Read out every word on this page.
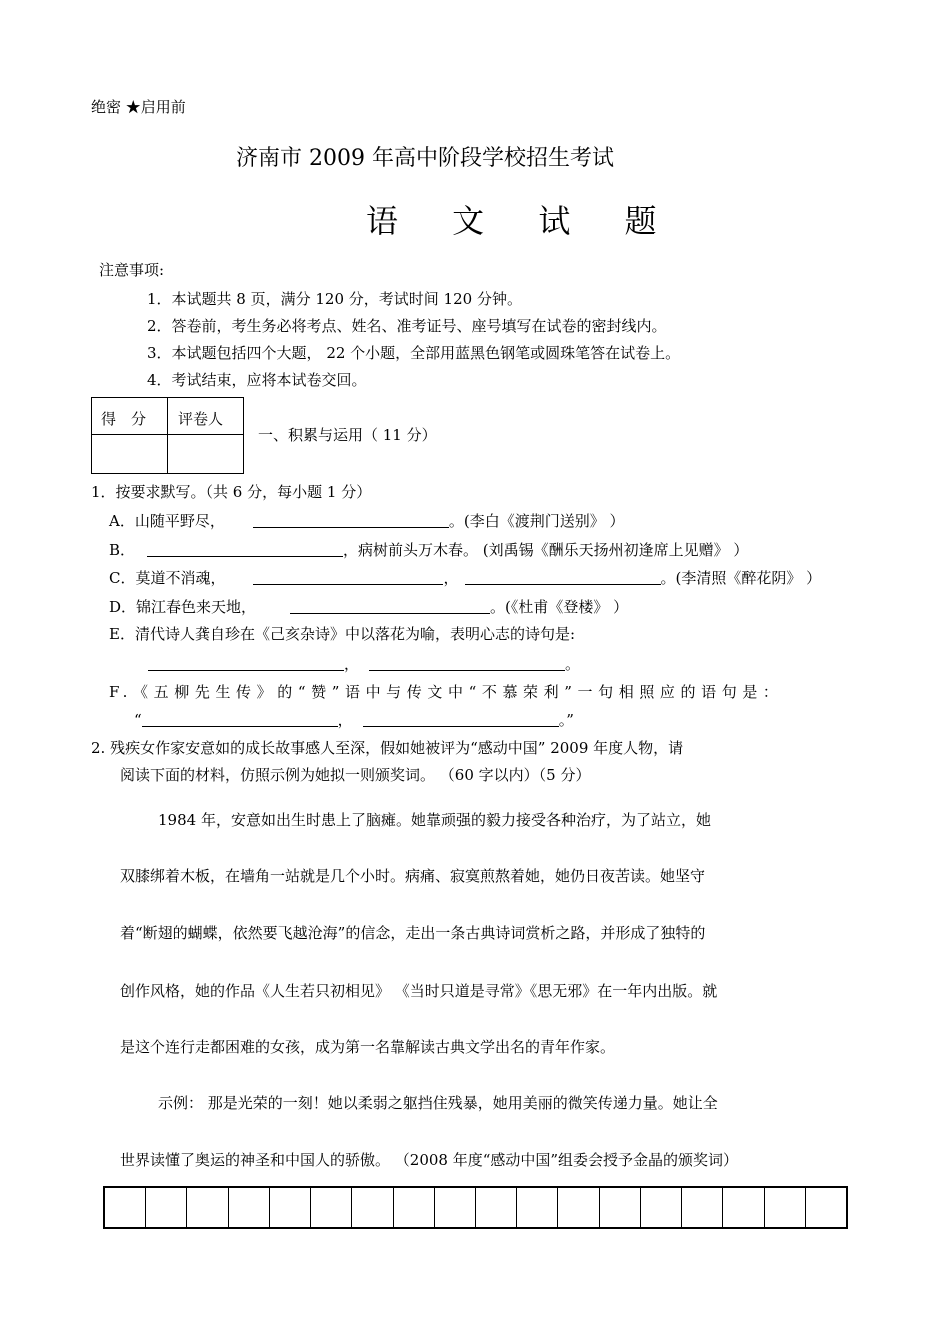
绝密 ★启用前
济南市 2009 年高中阶段学校招生考试
语 文 试 题
注意事项:
1．本试题共 8 页，满分 120 分，考试时间 120 分钟。
2．答卷前，考生务必将考点、姓名、准考证号、座号填写在试卷的密封线内。
3．本试题包括四个大题， 22 个小题，全部用蓝黑色钢笔或圆珠笔答在试卷上。
4．考试结束，应将本试卷交回。
得　分 评卷人
一、积累与运用（ 11 分）
1．按要求默写。（共 6 分，每小题 1 分）
A．山随平野尽，	。(李白《渡荆门送别》 ）
B．	，病树前头万木春。 (刘禹锡《酬乐天扬州初逢席上见赠》 ）
C．莫道不消魂，	，	。(李清照《醉花阴》 ）
D．锦江春色来天地，	。(《杜甫《登楼》 ）
E．清代诗人龚自珍在《己亥杂诗》中以落花为喻，表明心志的诗句是:
，	。
F.《五柳先生传》的“赞”语中与传文中“不慕荣利”一句相照应的语句是：
“	，	。”
2. 残疾女作家安意如的成长故事感人至深，假如她被评为“感动中国” 2009 年度人物，请
阅读下面的材料，仿照示例为她拟一则颁奖词。 （60 字以内）（5 分）
1984 年，安意如出生时患上了脑瘫。她靠顽强的毅力接受各种治疗，为了站立，她
双膝绑着木板，在墙角一站就是几个小时。病痛、寂寞煎熬着她，她仍日夜苦读。她坚守
着“断翅的蝴蝶，依然要飞越沧海”的信念，走出一条古典诗词赏析之路，并形成了独特的
创作风格，她的作品《人生若只初相见》 《当时只道是寻常》《思无邪》在一年内出版。就
是这个连行走都困难的女孩，成为第一名靠解读古典文学出名的青年作家。
示例： 那是光荣的一刻！她以柔弱之躯挡住残暴，她用美丽的微笑传递力量。她让全
世界读懂了奥运的神圣和中国人的骄傲。 （2008 年度“感动中国”组委会授予金晶的颁奖词）
